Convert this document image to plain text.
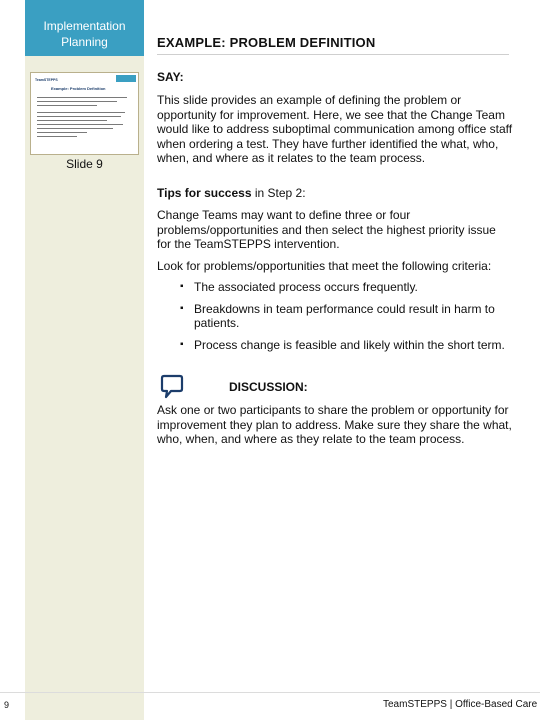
Implementation
Planning
TeamSTEPPS
Example: Problem Definition
Slide 9
EXAMPLE: PROBLEM DEFINITION
SAY:
This slide provides an example of defining the problem or opportunity for improvement. Here, we see that the Change Team would like to address suboptimal communication among office staff when ordering a test. They have further identified the what, who, when, and where as it relates to the team process.
Tips for success in Step 2:
Change Teams may want to define three or four problems/opportunities and then select the highest priority issue for the TeamSTEPPS intervention.
Look for problems/opportunities that meet the following criteria:
▪ The associated process occurs frequently.
▪ Breakdowns in team performance could result in harm to patients.
▪ Process change is feasible and likely within the short term.
DISCUSSION:
Ask one or two participants to share the problem or opportunity for improvement they plan to address. Make sure they share the what, who, when, and where as they relate to the team process.
9	TeamSTEPPS | Office-Based Care
